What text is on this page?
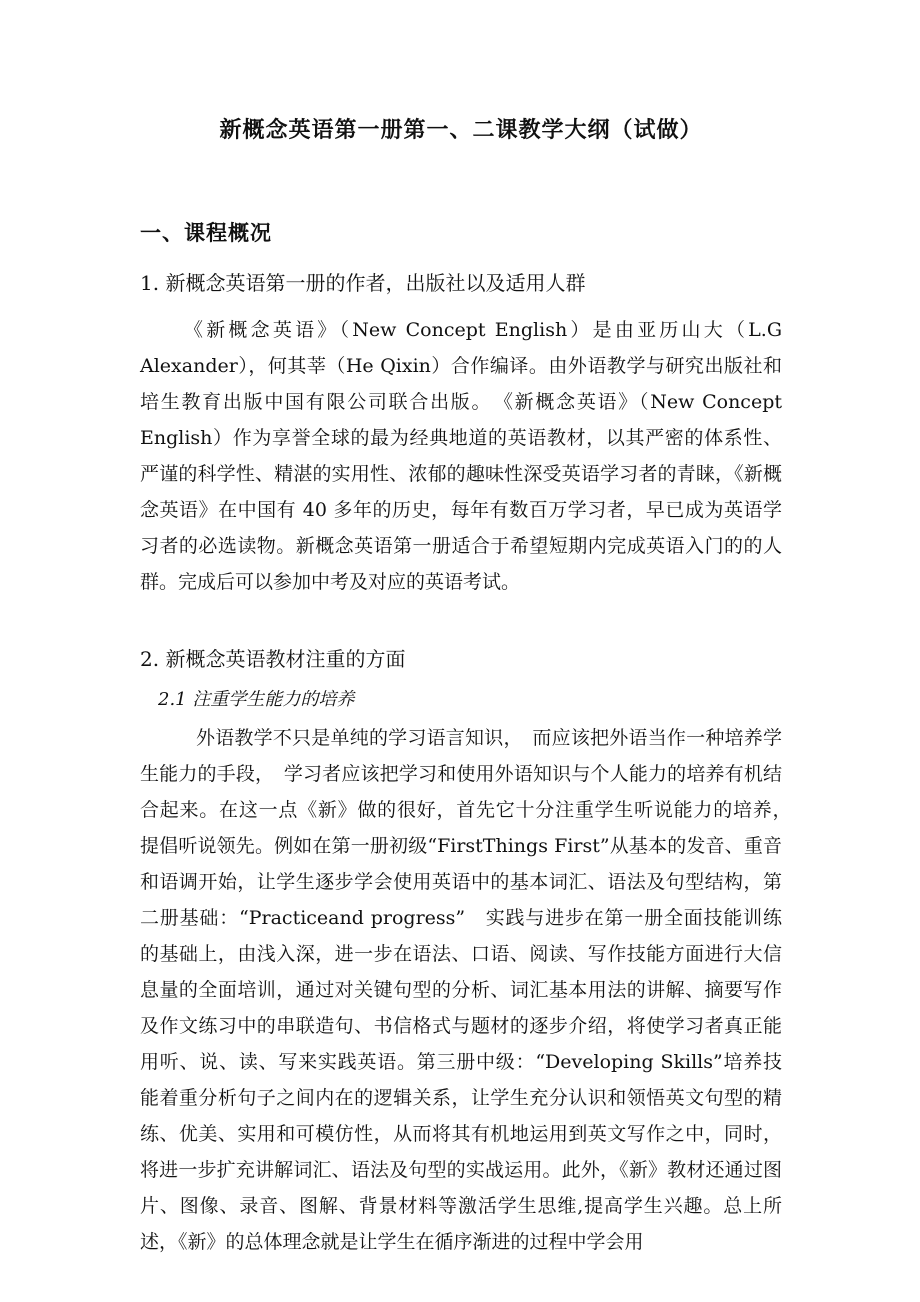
新概念英语第一册第一、二课教学大纲（试做）
一、课程概况
1. 新概念英语第一册的作者，出版社以及适用人群

《新概念英语》（New Concept English）是由亚历山大（L.G Alexander），何其莘（He Qixin）合作编译。由外语教学与研究出版社和培生教育出版中国有限公司联合出版。　《新概念英语》（New Concept English）作为享誉全球的最为经典地道的英语教材，以其严密的体系性、严谨的科学性、精湛的实用性、浓郁的趣味性深受英语学习者的青睐，《新概念英语》在中国有 40 多年的历史，每年有数百万学习者，早已成为英语学习者的必选读物。新概念英语第一册适合于希望短期内完成英语入门的的人群。完成后可以参加中考及对应的英语考试。

2. 新概念英语教材注重的方面
2.1 注重学生能力的培养

外语教学不只是单纯的学习语言知识，　而应该把外语当作一种培养学生能力的手段，　学习者应该把学习和使用外语知识与个人能力的培养有机结合起来。在这一点《新》做的很好，首先它十分注重学生听说能力的培养，　提倡听说领先。例如在第一册初级“FirstThings First”从基本的发音、重音和语调开始，让学生逐步学会使用英语中的基本词汇、语法及句型结构，第二册基础：“Practiceand progress”　实践与进步在第一册全面技能训练的基础上，由浅入深，进一步在语法、口语、阅读、写作技能方面进行大信息量的全面培训，通过对关键句型的分析、词汇基本用法的讲解、摘要写作及作文练习中的串联造句、书信格式与题材的逐步介绍，将使学习者真正能用听、说、读、写来实践英语。第三册中级：“Developing Skills”培养技能着重分析句子之间内在的逻辑关系，让学生充分认识和领悟英文句型的精练、优美、实用和可模仿性，从而将其有机地运用到英文写作之中，同时，将进一步扩充讲解词汇、语法及句型的实战运用。此外，《新》教材还通过图片、图像、录音、图解、背景材料等激活学生思维,提高学生兴趣。总上所述，《新》的总体理念就是让学生在循序渐进的过程中学会用
